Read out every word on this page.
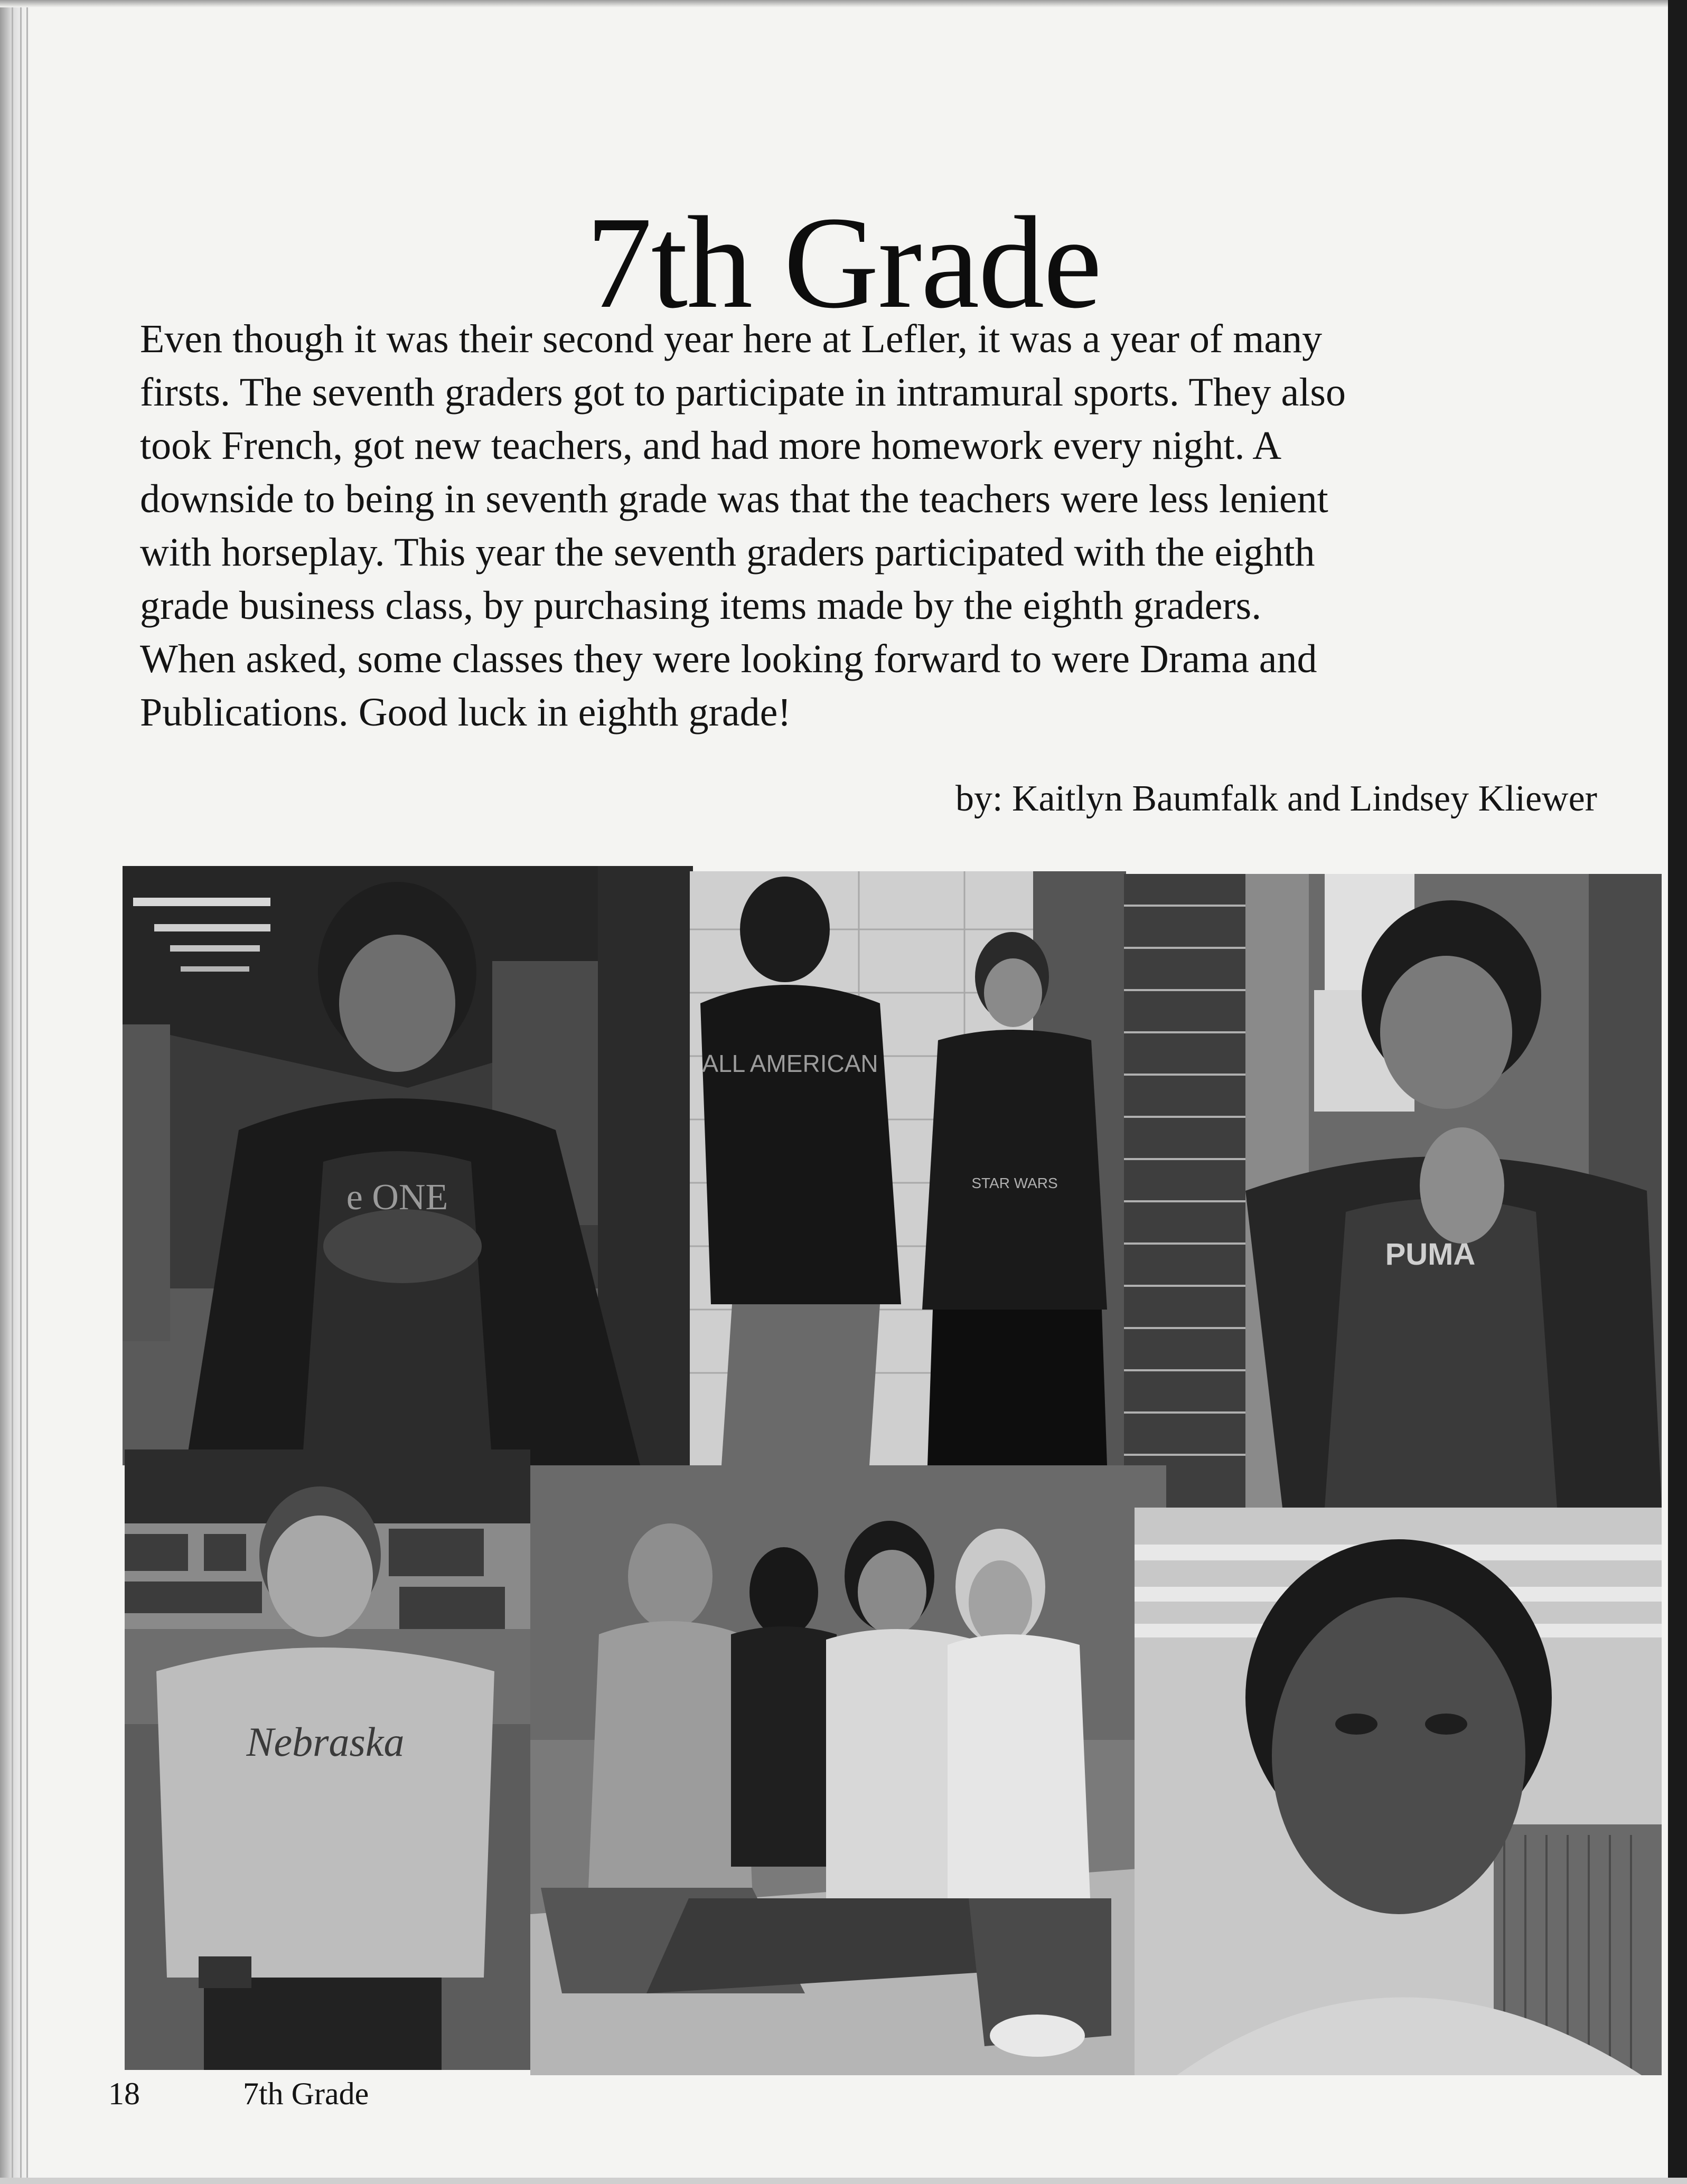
7th Grade
Even though it was their second year here at Lefler, it was a year of many
firsts. The seventh graders got to participate in intramural sports. They also
took French, got new teachers, and had more homework every night. A
downside to being in seventh grade was that the teachers were less lenient
with horseplay. This year the seventh graders participated with the eighth
grade business class, by purchasing items made by the eighth graders.
When asked, some classes they were looking forward to were Drama and
Publications. Good luck in eighth grade!
by: Kaitlyn Baumfalk and Lindsey Kliewer
e ONE
ALL AMERICAN
STAR WARS
PUMA
Nebraska
18	7th Grade
